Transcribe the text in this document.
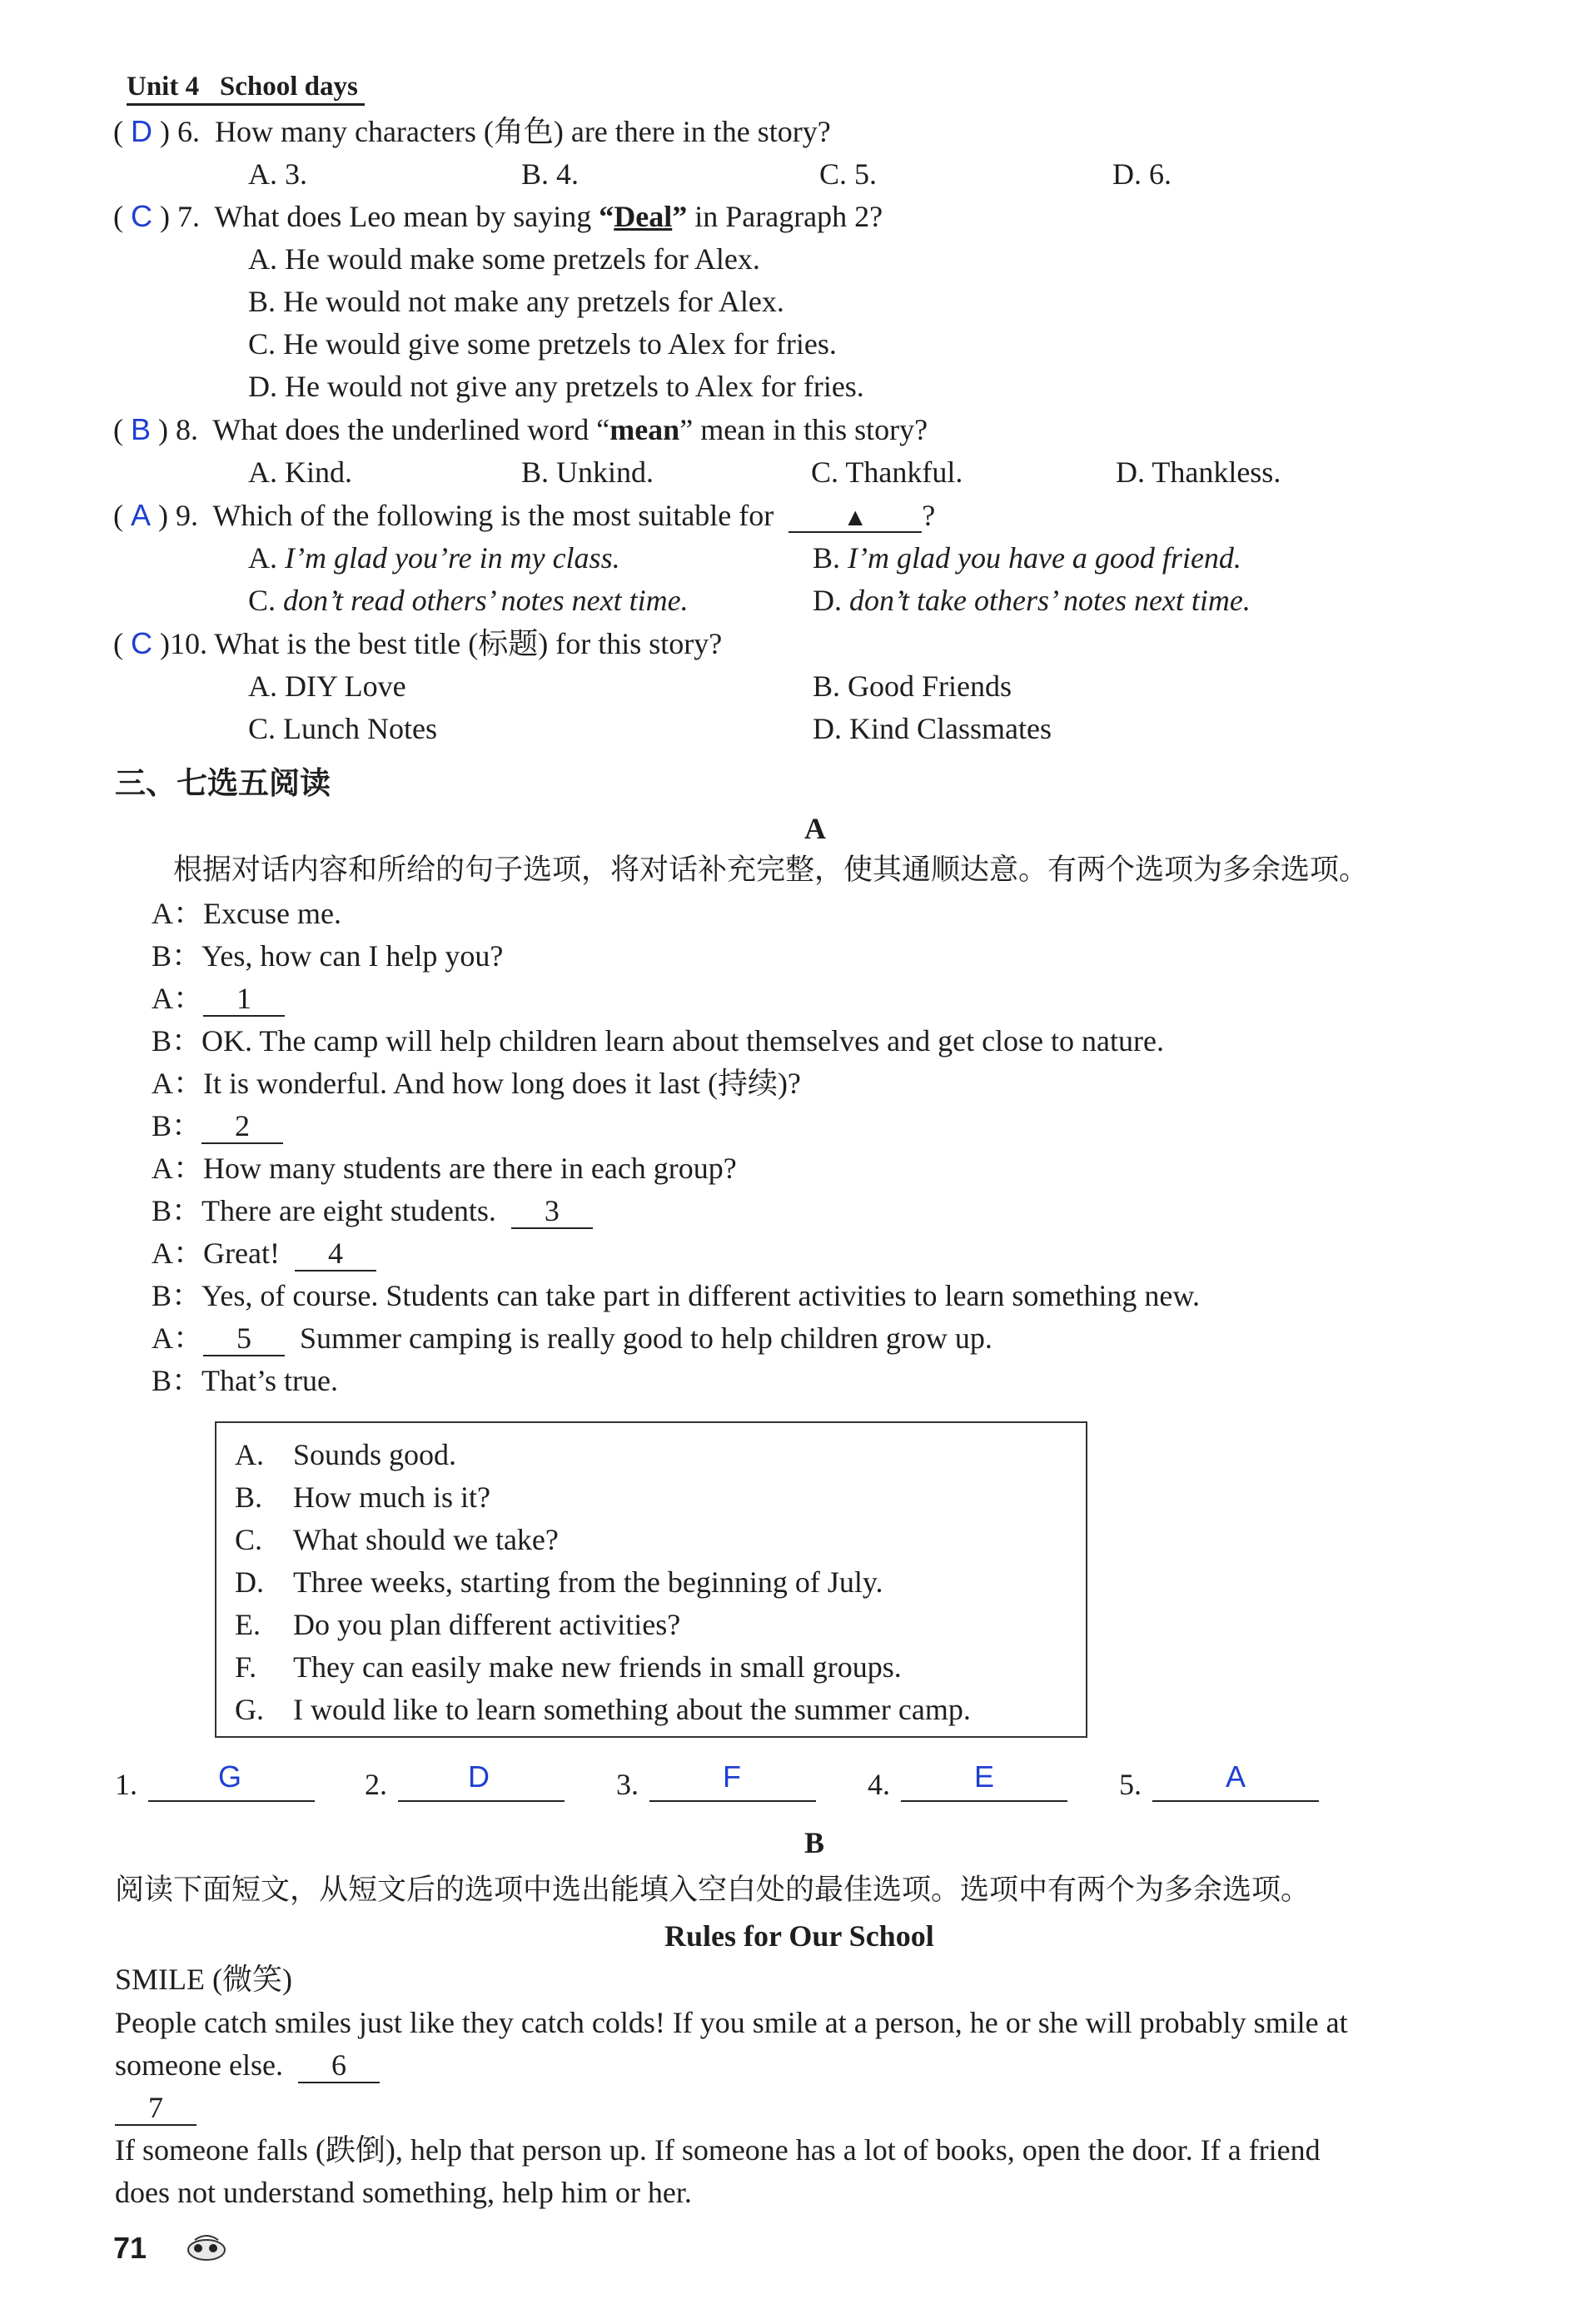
Unit 4 School days
( D ) 6. How many characters (角色) are there in the story?
A. 3.	B. 4.	C. 5.	D. 6.
( C ) 7. What does Leo mean by saying “Deal” in Paragraph 2?
A. He would make some pretzels for Alex.
B. He would not make any pretzels for Alex.
C. He would give some pretzels to Alex for fries.
D. He would not give any pretzels to Alex for fries.
( B ) 8. What does the underlined word “mean” mean in this story?
A. Kind.	B. Unkind.	C. Thankful.	D. Thankless.
( A ) 9. Which of the following is the most suitable for	▲ ?
A. I’m glad you’re in my class.	B. I’m glad you have a good friend.
C. don’t read others’ notes next time.	D. don’t take others’ notes next time.
( C )10. What is the best title (标题) for this story?
A. DIY Love	B. Good Friends
C. Lunch Notes	D. Kind Classmates
三、七选五阅读
A
根据对话内容和所给的句子选项，将对话补充完整，使其通顺达意。有两个选项为多余选项。
A：Excuse me.
B：Yes, how can I help you?
A： 1
B：OK. The camp will help children learn about themselves and get close to nature.
A：It is wonderful. And how long does it last (持续)?
B： 2
A：How many students are there in each group?
B：There are eight students. 3
A：Great! 4
B：Yes, of course. Students can take part in different activities to learn something new.
A： 5 Summer camping is really good to help children grow up.
B：That’s true.
A. Sounds good.
B. How much is it?
C. What should we take?
D. Three weeks, starting from the beginning of July.
E. Do you plan different activities?
F. They can easily make new friends in small groups.
G. I would like to learn something about the summer camp.
1.	G	2.	D	3.	F	4.	E	5.	A
B
阅读下面短文，从短文后的选项中选出能填入空白处的最佳选项。选项中有两个为多余选项。
Rules for Our School
SMILE (微笑)
People catch smiles just like they catch colds! If you smile at a person, he or she will probably smile at
someone else. 6
7
If someone falls (跌倒), help that person up. If someone has a lot of books, open the door. If a friend
does not understand something, help him or her.
71
